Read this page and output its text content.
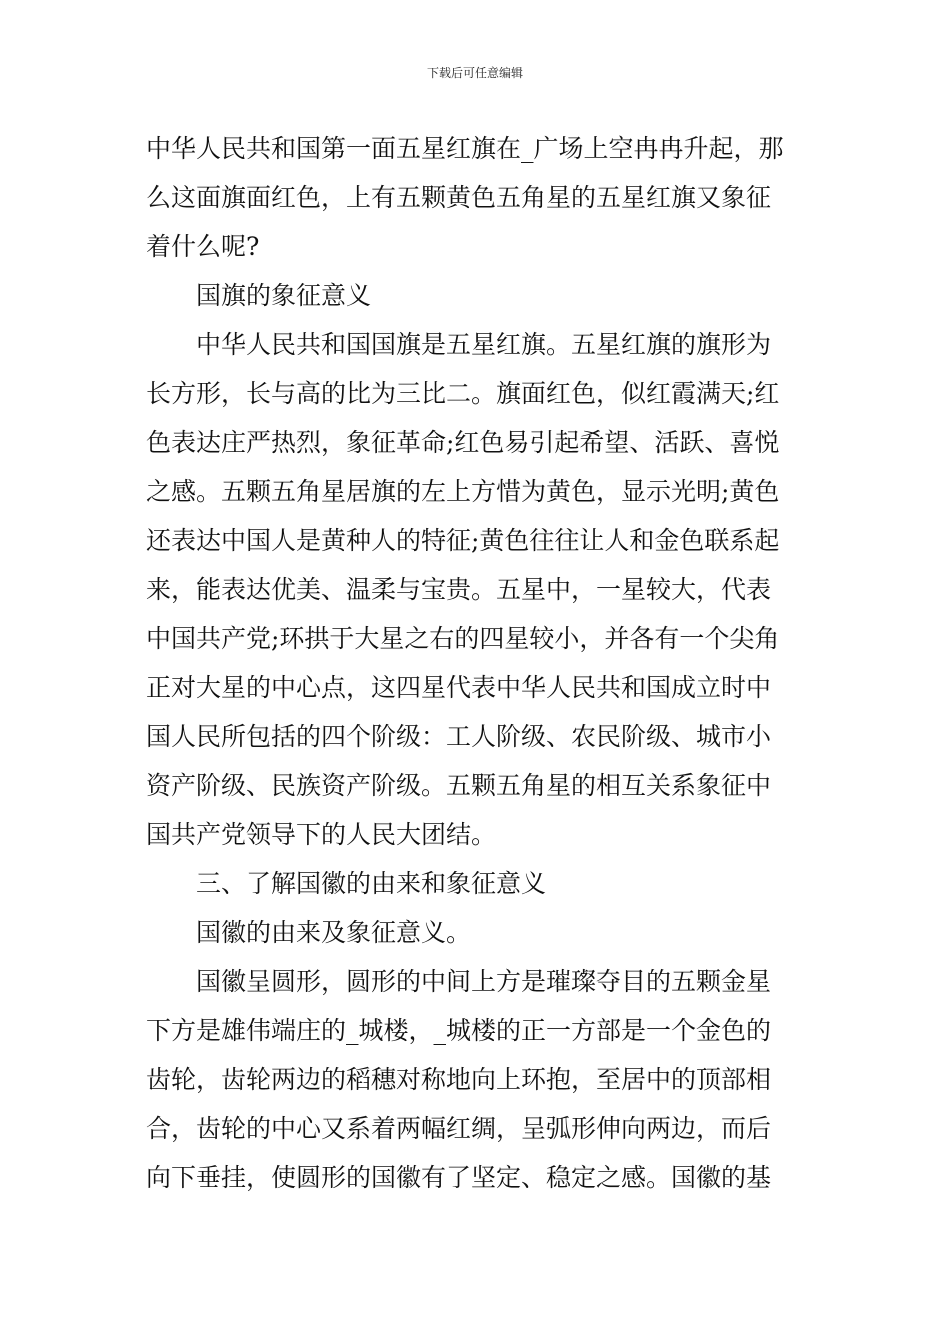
下载后可任意编辑
中华人民共和国第一面五星红旗在_广场上空冉冉升起，那
么这面旗面红色，上有五颗黄色五角星的五星红旗又象征
着什么呢?
国旗的象征意义
中华人民共和国国旗是五星红旗。五星红旗的旗形为
长方形，长与高的比为三比二。旗面红色，似红霞满天;红
色表达庄严热烈，象征革命;红色易引起希望、活跃、喜悦
之感。五颗五角星居旗的左上方惜为黄色，显示光明;黄色
还表达中国人是黄种人的特征;黄色往往让人和金色联系起
来，能表达优美、温柔与宝贵。五星中，一星较大，代表
中国共产党;环拱于大星之右的四星较小，并各有一个尖角
正对大星的中心点，这四星代表中华人民共和国成立时中
国人民所包括的四个阶级：工人阶级、农民阶级、城市小
资产阶级、民族资产阶级。五颗五角星的相互关系象征中
国共产党领导下的人民大团结。
三、了解国徽的由来和象征意义
国徽的由来及象征意义。
国徽呈圆形，圆形的中间上方是璀璨夺目的五颗金星
下方是雄伟端庄的_城楼，_城楼的正一方部是一个金色的
齿轮，齿轮两边的稻穗对称地向上环抱，至居中的顶部相
合，齿轮的中心又系着两幅红绸，呈弧形伸向两边，而后
向下垂挂，使圆形的国徽有了坚定、稳定之感。国徽的基
